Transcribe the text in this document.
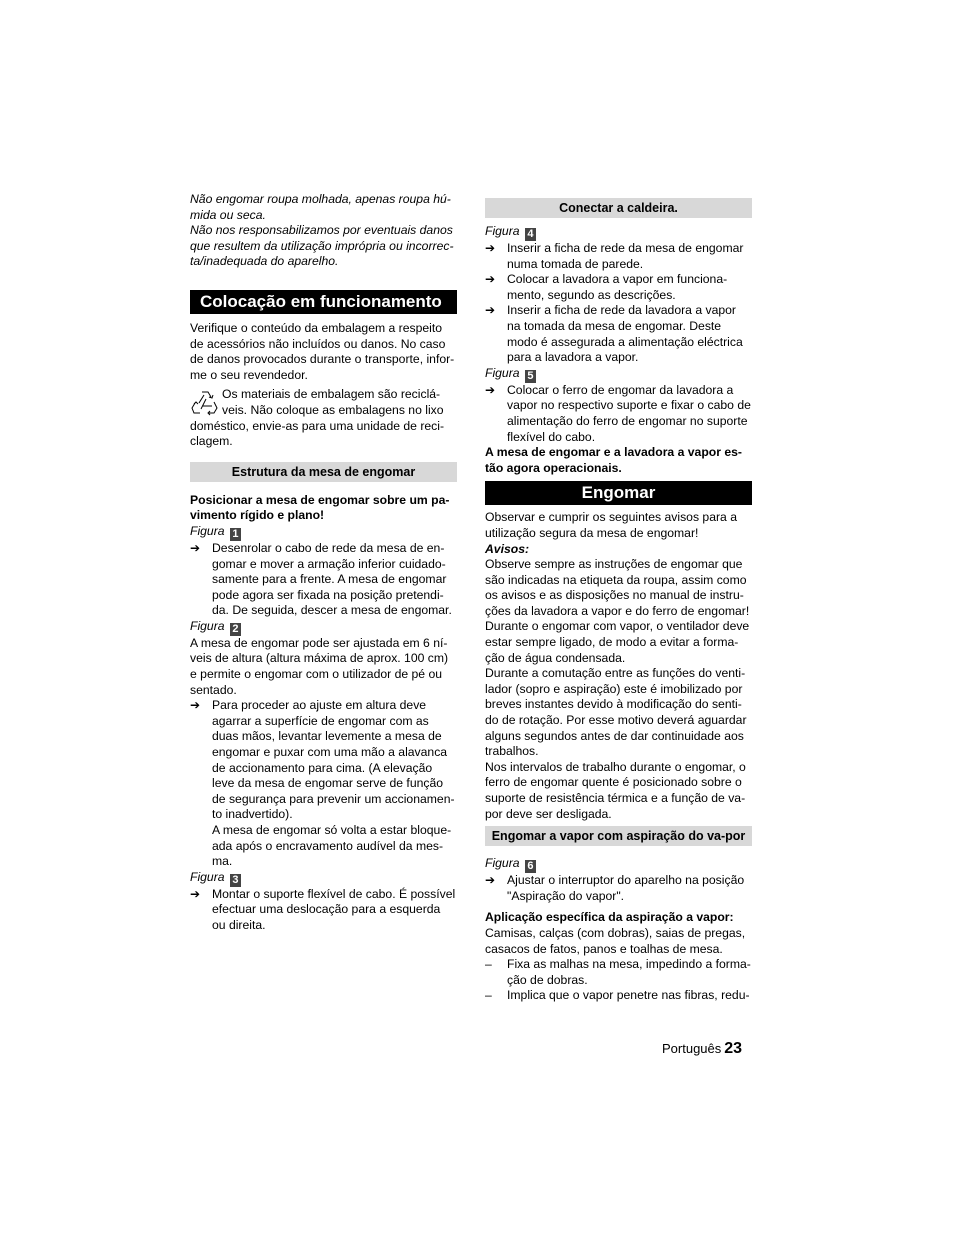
Não engomar roupa molhada, apenas roupa hú-mida ou seca.

Não nos responsabilizamos por eventuais danos que resultem da utilização imprópria ou incorrec-ta/inadequada do aparelho.

Colocação em funcionamento

Verifique o conteúdo da embalagem a respeito de acessórios não incluídos ou danos. No caso de danos provocados durante o transporte, infor-me o seu revendedor.

Os materiais de embalagem são reciclá-veis. Não coloque as embalagens no lixo doméstico, envie-as para uma unidade de reci-clagem.

Estrutura da mesa de engomar

Posicionar a mesa de engomar sobre um pa-vimento rígido e plano!

Figura 1

➔ Desenrolar o cabo de rede da mesa de en-gomar e mover a armação inferior cuidado-samente para a frente. A mesa de engomar pode agora ser fixada na posição pretendi-da. De seguida, descer a mesa de engomar.

Figura 2

A mesa de engomar pode ser ajustada em 6 ní-veis de altura (altura máxima de aprox. 100 cm) e permite o engomar com o utilizador de pé ou sentado.

➔ Para proceder ao ajuste em altura deve agarrar a superfície de engomar com as duas mãos, levantar levemente a mesa de engomar e puxar com uma mão a alavanca de accionamento para cima. (A elevação leve da mesa de engomar serve de função de segurança para prevenir um accionamen-to inadvertido).

A mesa de engomar só volta a estar bloque-ada após o encravamento audível da mes-ma.

Figura 3

➔ Montar o suporte flexível de cabo. É possível efectuar uma deslocação para a esquerda ou direita.
Conectar a caldeira.

Figura 4

➔ Inserir a ficha de rede da mesa de engomar numa tomada de parede.
➔ Colocar a lavadora a vapor em funciona-mento, segundo as descrições.
➔ Inserir a ficha de rede da lavadora a vapor na tomada da mesa de engomar. Deste modo é assegurada a alimentação eléctrica para a lavadora a vapor.

Figura 5

➔ Colocar o ferro de engomar da lavadora a vapor no respectivo suporte e fixar o cabo de alimentação do ferro de engomar no suporte flexível do cabo.

A mesa de engomar e a lavadora a vapor es-tão agora operacionais.

Engomar

Observar e cumprir os seguintes avisos para a utilização segura da mesa de engomar!

Avisos:

Observe sempre as instruções de engomar que são indicadas na etiqueta da roupa, assim como os avisos e as disposições no manual de instru-ções da lavadora a vapor e do ferro de engomar!

Durante o engomar com vapor, o ventilador deve estar sempre ligado, de modo a evitar a forma-ção de água condensada.

Durante a comutação entre as funções do venti-lador (sopro e aspiração) este é imobilizado por breves instantes devido à modificação do senti-do de rotação. Por esse motivo deverá aguardar alguns segundos antes de dar continuidade aos trabalhos.

Nos intervalos de trabalho durante o engomar, o ferro de engomar quente é posicionado sobre o suporte de resistência térmica e a função de va-por deve ser desligada.

Engomar a vapor com aspiração do va-por

Figura 6

➔ Ajustar o interruptor do aparelho na posição "Aspiração do vapor".

Aplicação específica da aspiração a vapor:

Camisas, calças (com dobras), saias de pregas, casacos de fatos, panos e toalhas de mesa.

– Fixa as malhas na mesa, impedindo a forma-ção de dobras.
– Implica que o vapor penetre nas fibras, redu-
Português 23
